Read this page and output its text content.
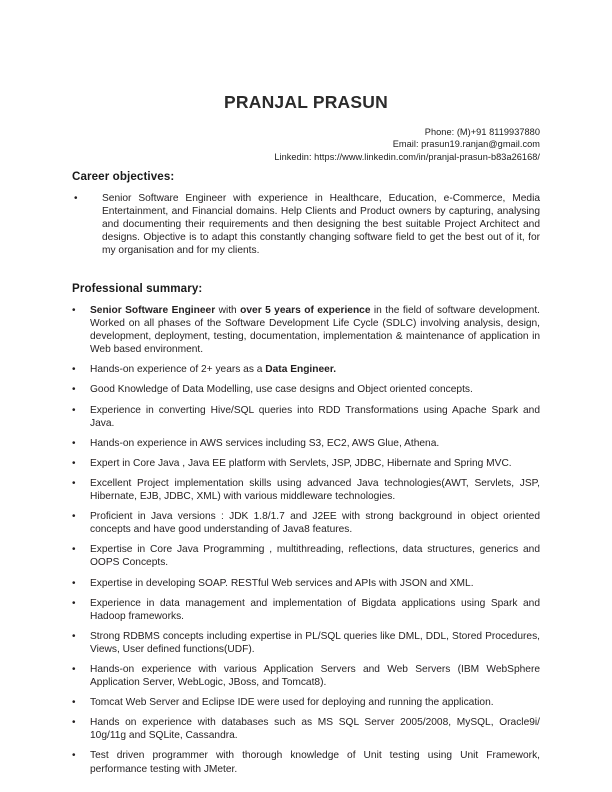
PRANJAL PRASUN
Phone: (M)+91 8119937880
Email: prasun19.ranjan@gmail.com
Linkedin: https://www.linkedin.com/in/pranjal-prasun-b83a26168/
Career objectives:
• Senior Software Engineer with experience in Healthcare, Education, e-Commerce, Media Entertainment, and Financial domains. Help Clients and Product owners by capturing, analysing and documenting their requirements and then designing the best suitable Project Architect and designs. Objective is to adapt this constantly changing software field to get the best out of it, for my organisation and for my clients.
Professional summary:
• Senior Software Engineer with over 5 years of experience in the field of software development. Worked on all phases of the Software Development Life Cycle (SDLC) involving analysis, design, development, deployment, testing, documentation, implementation & maintenance of application in Web based environment.
• Hands-on experience of 2+ years as a Data Engineer.
• Good Knowledge of Data Modelling, use case designs and Object oriented concepts.
• Experience in converting Hive/SQL queries into RDD Transformations using Apache Spark and Java.
• Hands-on experience in AWS services including S3, EC2, AWS Glue, Athena.
• Expert in Core Java , Java EE platform with Servlets, JSP, JDBC, Hibernate and Spring MVC.
• Excellent Project implementation skills using advanced Java technologies(AWT, Servlets, JSP, Hibernate, EJB, JDBC, XML) with various middleware technologies.
• Proficient in Java versions : JDK 1.8/1.7 and J2EE with strong background in object oriented concepts and have good understanding of Java8 features.
• Expertise in Core Java Programming , multithreading, reflections, data structures, generics and OOPS Concepts.
• Expertise in developing SOAP. RESTful Web services and APIs with JSON and XML.
• Experience in data management and implementation of Bigdata applications using Spark and Hadoop frameworks.
• Strong RDBMS concepts including expertise in PL/SQL queries like DML, DDL, Stored Procedures, Views, User defined functions(UDF).
• Hands-on experience with various Application Servers and Web Servers (IBM WebSphere Application Server, WebLogic, JBoss, and Tomcat8).
• Tomcat Web Server and Eclipse IDE were used for deploying and running the application.
• Hands on experience with databases such as MS SQL Server 2005/2008, MySQL, Oracle9i/ 10g/11g and SQLite, Cassandra.
• Test driven programmer with thorough knowledge of Unit testing using Unit Framework, performance testing with JMeter.
